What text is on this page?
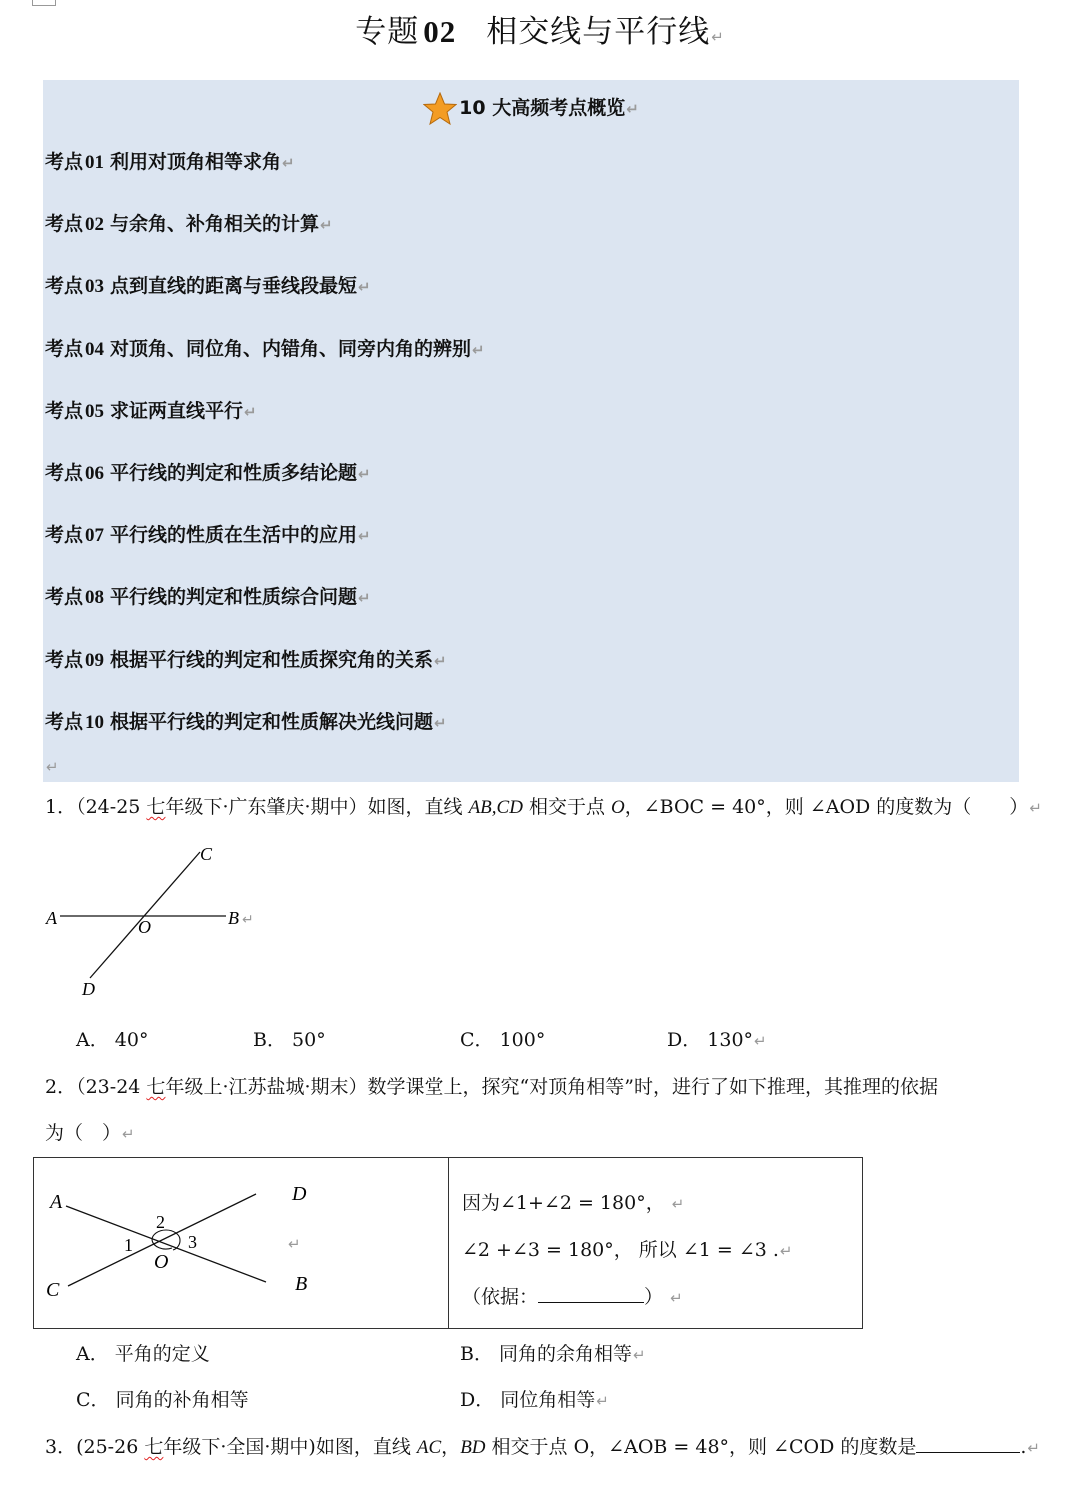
专题 02 相交线与平行线↵
10 大高频考点概览↵
考点 01 利用对顶角相等求角↵
考点 02 与余角、补角相关的计算↵
考点 03 点到直线的距离与垂线段最短↵
考点 04 对顶角、同位角、内错角、同旁内角的辨别↵
考点 05 求证两直线平行↵
考点 06 平行线的判定和性质多结论题↵
考点 07 平行线的性质在生活中的应用↵
考点 08 平行线的判定和性质综合问题↵
考点 09 根据平行线的判定和性质探究角的关系↵
考点 10 根据平行线的判定和性质解决光线问题↵
↵
1．（24-25 七年级下·广东肇庆·期中）如图，直线 AB,CD 相交于点 O，∠BOC = 40°，则 ∠AOD 的度数为（　　）↵
A	B
C
D
O	↵
A． 40°	B． 50°	C． 100°	D． 130°↵
2．（23-24 七年级上·江苏盐城·期末）数学课堂上，探究“对顶角相等”时，进行了如下推理，其推理的依据
为（　）↵
A	D
C	B
O
2
1	3	↵
因为∠1+∠2 = 180°， ↵
∠2 +∠3 = 180°， 所以 ∠1 = ∠3 .↵
（依据：	） ↵
A． 平角的定义	B． 同角的余角相等↵
C． 同角的补角相等	D． 同位角相等↵
3．(25-26 七年级下·全国·期中)如图，直线 AC，BD 相交于点 O，∠AOB = 48°，则 ∠COD 的度数是	.↵
